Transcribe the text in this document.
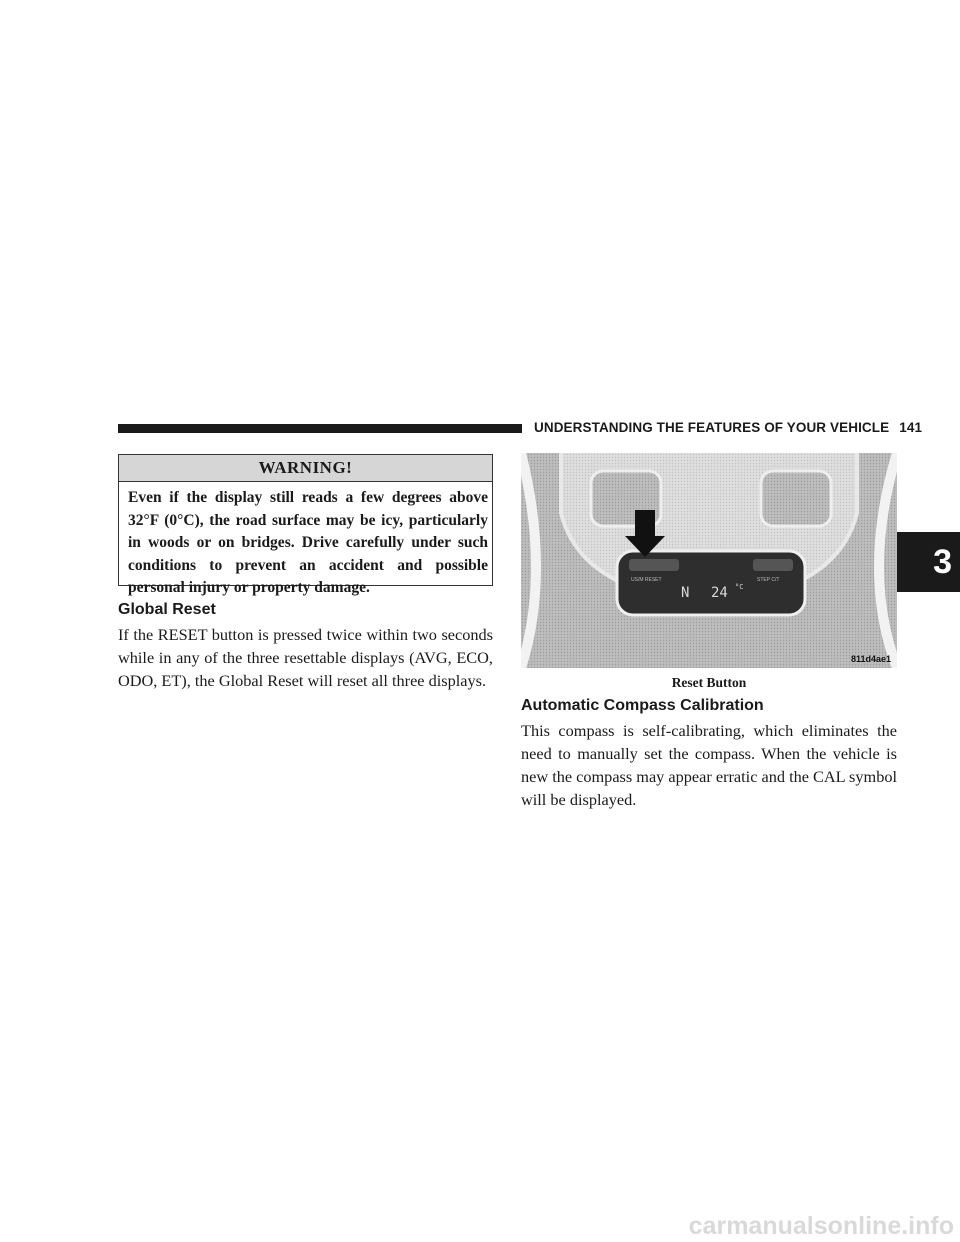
UNDERSTANDING THE FEATURES OF YOUR VEHICLE 141
WARNING!
Even if the display still reads a few degrees above 32°F (0°C), the road surface may be icy, particularly in woods or on bridges. Drive carefully under such conditions to prevent an accident and possible personal injury or property damage.
Global Reset
If the RESET button is pressed twice within two seconds while in any of the three resettable displays (AVG, ECO, ODO, ET), the Global Reset will reset all three displays.
US/M RESET	STEP C/T
N 24 °C
811d4ae1
Reset Button
Automatic Compass Calibration
This compass is self-calibrating, which eliminates the need to manually set the compass. When the vehicle is new the compass may appear erratic and the CAL symbol will be displayed.
3
carmanualsonline.info
